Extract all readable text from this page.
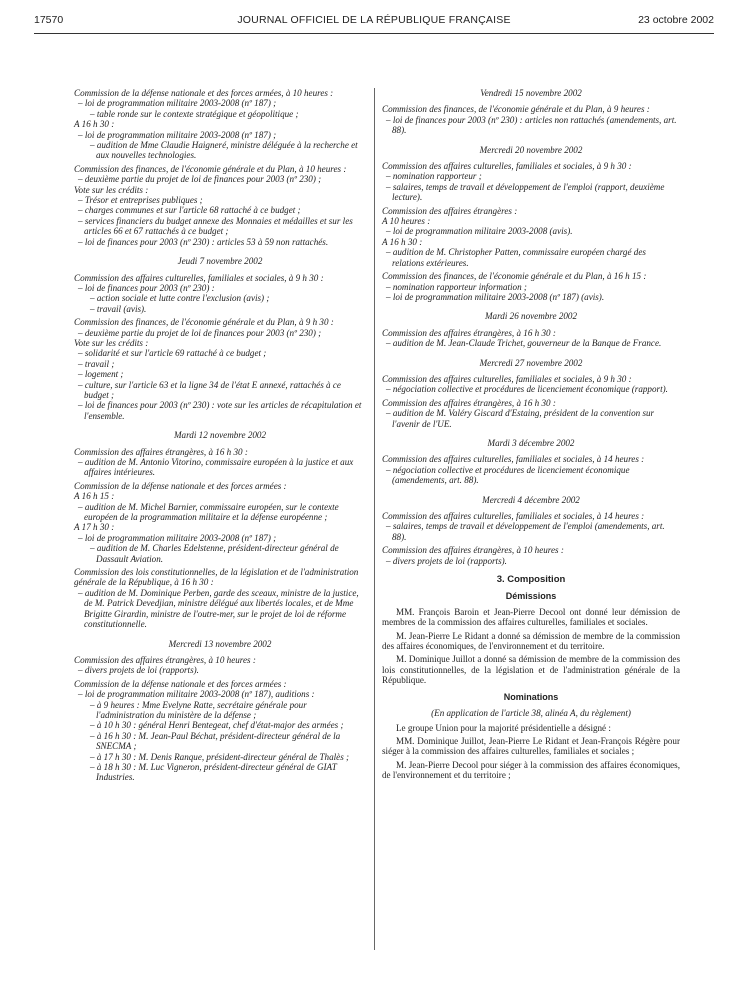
17570	JOURNAL OFFICIEL DE LA RÉPUBLIQUE FRANÇAISE	23 octobre 2002

Commission de la défense nationale et des forces armées, à 10 heures :

– loi de programmation militaire 2003-2008 (nº 187) ;

– table ronde sur le contexte stratégique et géopolitique ;

A 16 h 30 :

– loi de programmation militaire 2003-2008 (nº 187) ;

– audition de Mme Claudie Haigneré, ministre déléguée à la recherche et aux nouvelles technologies.

Commission des finances, de l'économie générale et du Plan, à 10 heures :

– deuxième partie du projet de loi de finances pour 2003 (nº 230) ;

Vote sur les crédits :

– Trésor et entreprises publiques ;

– charges communes et sur l'article 68 rattaché à ce budget ;

– services financiers du budget annexe des Monnaies et médailles et sur les articles 66 et 67 rattachés à ce budget ;

– loi de finances pour 2003 (nº 230) : articles 53 à 59 non rattachés.

Jeudi 7 novembre 2002

Commission des affaires culturelles, familiales et sociales, à 9 h 30 :

– loi de finances pour 2003 (nº 230) :

– action sociale et lutte contre l'exclusion (avis) ;

– travail (avis).

Commission des finances, de l'économie générale et du Plan, à 9 h 30 :

– deuxième partie du projet de loi de finances pour 2003 (nº 230) ;

Vote sur les crédits :

– solidarité et sur l'article 69 rattaché à ce budget ;

– travail ;

– logement ;

– culture, sur l'article 63 et la ligne 34 de l'état E annexé, rattachés à ce budget ;

– loi de finances pour 2003 (nº 230) : vote sur les articles de récapitulation et l'ensemble.

Mardi 12 novembre 2002

Commission des affaires étrangères, à 16 h 30 :

– audition de M. Antonio Vitorino, commissaire européen à la justice et aux affaires intérieures.

Commission de la défense nationale et des forces armées :

A 16 h 15 :

– audition de M. Michel Barnier, commissaire européen, sur le contexte européen de la programmation militaire et la défense européenne ;

A 17 h 30 :

– loi de programmation militaire 2003-2008 (nº 187) ;

– audition de M. Charles Edelstenne, président-directeur général de Dassault Aviation.

Commission des lois constitutionnelles, de la législation et de l'administration générale de la République, à 16 h 30 :

– audition de M. Dominique Perben, garde des sceaux, ministre de la justice, de M. Patrick Devedjian, ministre délégué aux libertés locales, et de Mme Brigitte Girardin, ministre de l'outre-mer, sur le projet de loi de réforme constitutionnelle.

Mercredi 13 novembre 2002

Commission des affaires étrangères, à 10 heures :

– divers projets de loi (rapports).

Commission de la défense nationale et des forces armées :

– loi de programmation militaire 2003-2008 (nº 187), auditions :

– à 9 heures : Mme Evelyne Ratte, secrétaire générale pour l'administration du ministère de la défense ;

– à 10 h 30 : général Henri Bentegeat, chef d'état-major des armées ;

– à 16 h 30 : M. Jean-Paul Béchat, président-directeur général de la SNECMA ;

– à 17 h 30 : M. Denis Ranque, président-directeur général de Thalès ;

– à 18 h 30 : M. Luc Vigneron, président-directeur général de GIAT Industries.

Vendredi 15 novembre 2002

Commission des finances, de l'économie générale et du Plan, à 9 heures :

– loi de finances pour 2003 (nº 230) : articles non rattachés (amendements, art. 88).

Mercredi 20 novembre 2002

Commission des affaires culturelles, familiales et sociales, à 9 h 30 :

– nomination rapporteur ;

– salaires, temps de travail et développement de l'emploi (rapport, deuxième lecture).

Commission des affaires étrangères :

A 10 heures :

– loi de programmation militaire 2003-2008 (avis).

A 16 h 30 :

– audition de M. Christopher Patten, commissaire européen chargé des relations extérieures.

Commission des finances, de l'économie générale et du Plan, à 16 h 15 :

– nomination rapporteur information ;

– loi de programmation militaire 2003-2008 (nº 187) (avis).

Mardi 26 novembre 2002

Commission des affaires étrangères, à 16 h 30 :

– audition de M. Jean-Claude Trichet, gouverneur de la Banque de France.

Mercredi 27 novembre 2002

Commission des affaires culturelles, familiales et sociales, à 9 h 30 :

– négociation collective et procédures de licenciement économique (rapport).

Commission des affaires étrangères, à 16 h 30 :

– audition de M. Valéry Giscard d'Estaing, président de la convention sur l'avenir de l'UE.

Mardi 3 décembre 2002

Commission des affaires culturelles, familiales et sociales, à 14 heures :

– négociation collective et procédures de licenciement économique (amendements, art. 88).

Mercredi 4 décembre 2002

Commission des affaires culturelles, familiales et sociales, à 14 heures :

– salaires, temps de travail et développement de l'emploi (amendements, art. 88).

Commission des affaires étrangères, à 10 heures :

– divers projets de loi (rapports).

3. Composition
Démissions

MM. François Baroin et Jean-Pierre Decool ont donné leur démission de membres de la commission des affaires culturelles, familiales et sociales.

M. Jean-Pierre Le Ridant a donné sa démission de membre de la commission des affaires économiques, de l'environnement et du territoire.

M. Dominique Juillot a donné sa démission de membre de la commission des lois constitutionnelles, de la législation et de l'administration générale de la République.

Nominations
(En application de l'article 38, alinéa A, du règlement)

Le groupe Union pour la majorité présidentielle a désigné :

MM. Dominique Juillot, Jean-Pierre Le Ridant et Jean-François Régère pour siéger à la commission des affaires culturelles, familiales et sociales ;

M. Jean-Pierre Decool pour siéger à la commission des affaires économiques, de l'environnement et du territoire ;
